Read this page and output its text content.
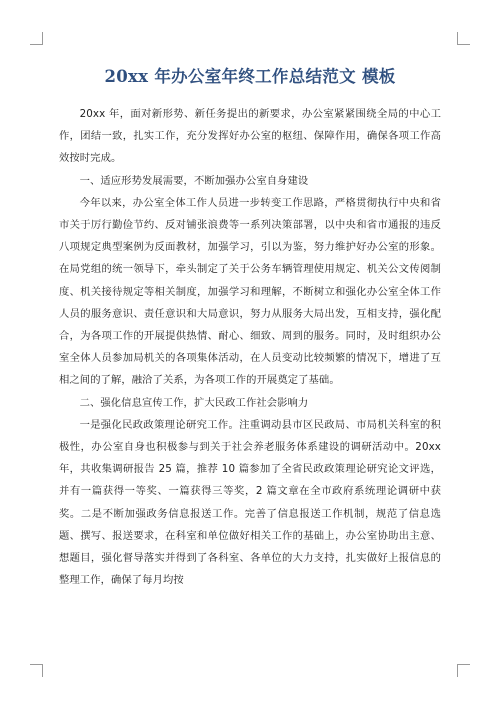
20xx 年办公室年终工作总结范文 模板

20xx 年，面对新形势、新任务提出的新要求，办公室紧紧围绕全局的中心工作，团结一致，扎实工作，充分发挥好办公室的枢纽、保障作用，确保各项工作高效按时完成。

一、适应形势发展需要，不断加强办公室自身建设

今年以来，办公室全体工作人员进一步转变工作思路，严格贯彻执行中央和省市关于厉行勤俭节约、反对铺张浪费等一系列决策部署，以中央和省市通报的违反八项规定典型案例为反面教材，加强学习，引以为鉴，努力维护好办公室的形象。在局党组的统一领导下，牵头制定了关于公务车辆管理使用规定、机关公文传阅制度、机关接待规定等相关制度，加强学习和理解，不断树立和强化办公室全体工作人员的服务意识、责任意识和大局意识，努力从服务大局出发，互相支持，强化配合，为各项工作的开展提供热情、耐心、细致、周到的服务。同时，及时组织办公室全体人员参加局机关的各项集体活动，在人员变动比较频繁的情况下，增进了互相之间的了解，融洽了关系，为各项工作的开展奠定了基础。

二、强化信息宣传工作，扩大民政工作社会影响力

一是强化民政政策理论研究工作。注重调动县市区民政局、市局机关科室的积极性，办公室自身也积极参与到关于社会养老服务体系建设的调研活动中。20xx 年，共收集调研报告 25 篇，推荐 10 篇参加了全省民政政策理论研究论文评选，并有一篇获得一等奖、一篇获得三等奖，2 篇文章在全市政府系统理论调研中获奖。二是不断加强政务信息报送工作。完善了信息报送工作机制，规范了信息选题、撰写、报送要求，在科室和单位做好相关工作的基础上，办公室协助出主意、想题目，强化督导落实并得到了各科室、各单位的大力支持，扎实做好上报信息的整理工作，确保了每月均按
